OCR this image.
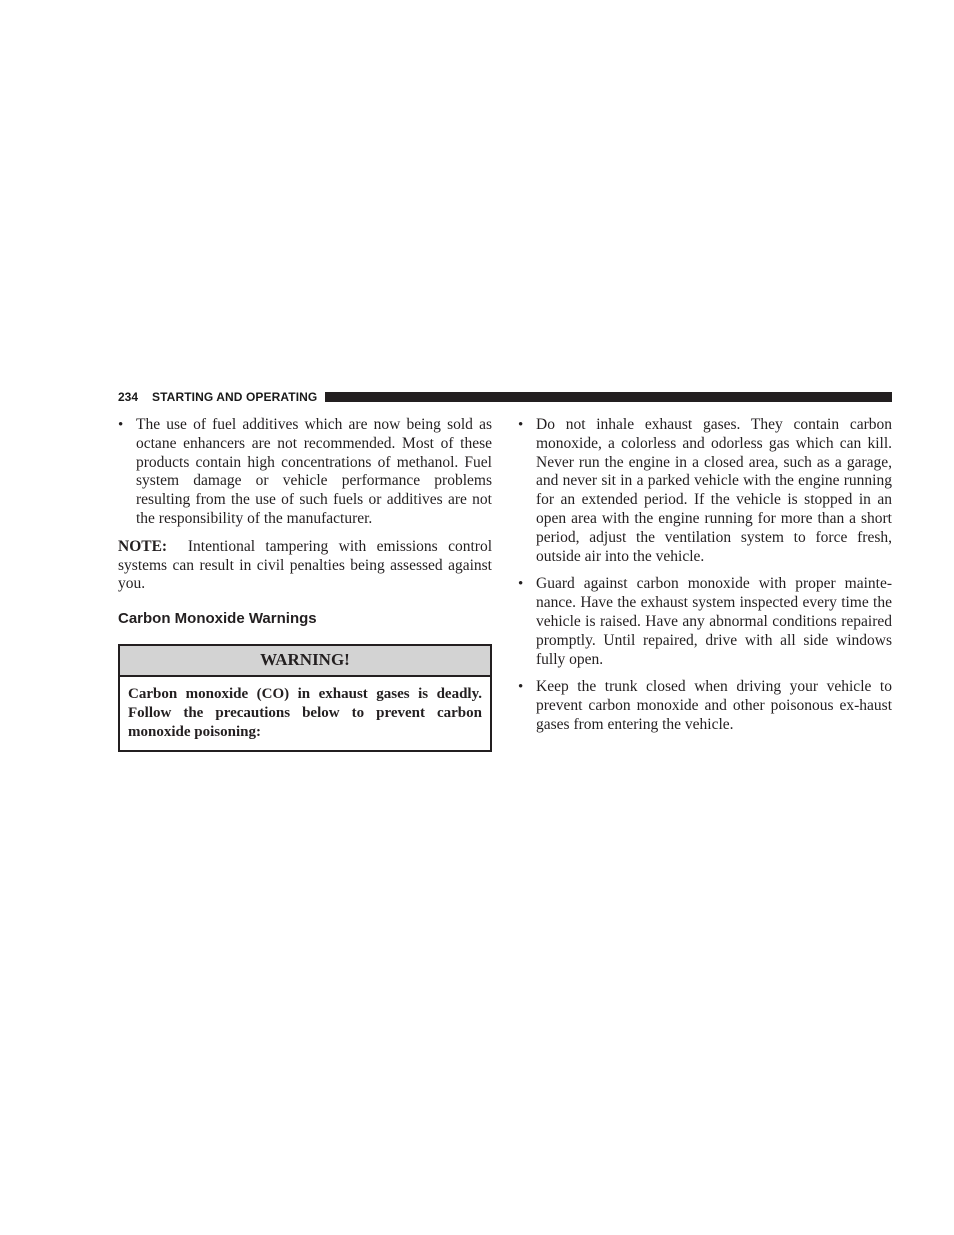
234 STARTING AND OPERATING
• The use of fuel additives which are now being sold as octane enhancers are not recommended. Most of these products contain high concentrations of methanol. Fuel system damage or vehicle performance problems resulting from the use of such fuels or additives are not the responsibility of the manufacturer.

NOTE: Intentional tampering with emissions control systems can result in civil penalties being assessed against you.

Carbon Monoxide Warnings
WARNING!
Carbon monoxide (CO) in exhaust gases is deadly. Follow the precautions below to prevent carbon monoxide poisoning:
• Do not inhale exhaust gases. They contain carbon monoxide, a colorless and odorless gas which can kill. Never run the engine in a closed area, such as a garage, and never sit in a parked vehicle with the engine running for an extended period. If the vehicle is stopped in an open area with the engine running for more than a short period, adjust the ventilation system to force fresh, outside air into the vehicle.

• Guard against carbon monoxide with proper mainte-nance. Have the exhaust system inspected every time the vehicle is raised. Have any abnormal conditions repaired promptly. Until repaired, drive with all side windows fully open.

• Keep the trunk closed when driving your vehicle to prevent carbon monoxide and other poisonous ex-haust gases from entering the vehicle.
